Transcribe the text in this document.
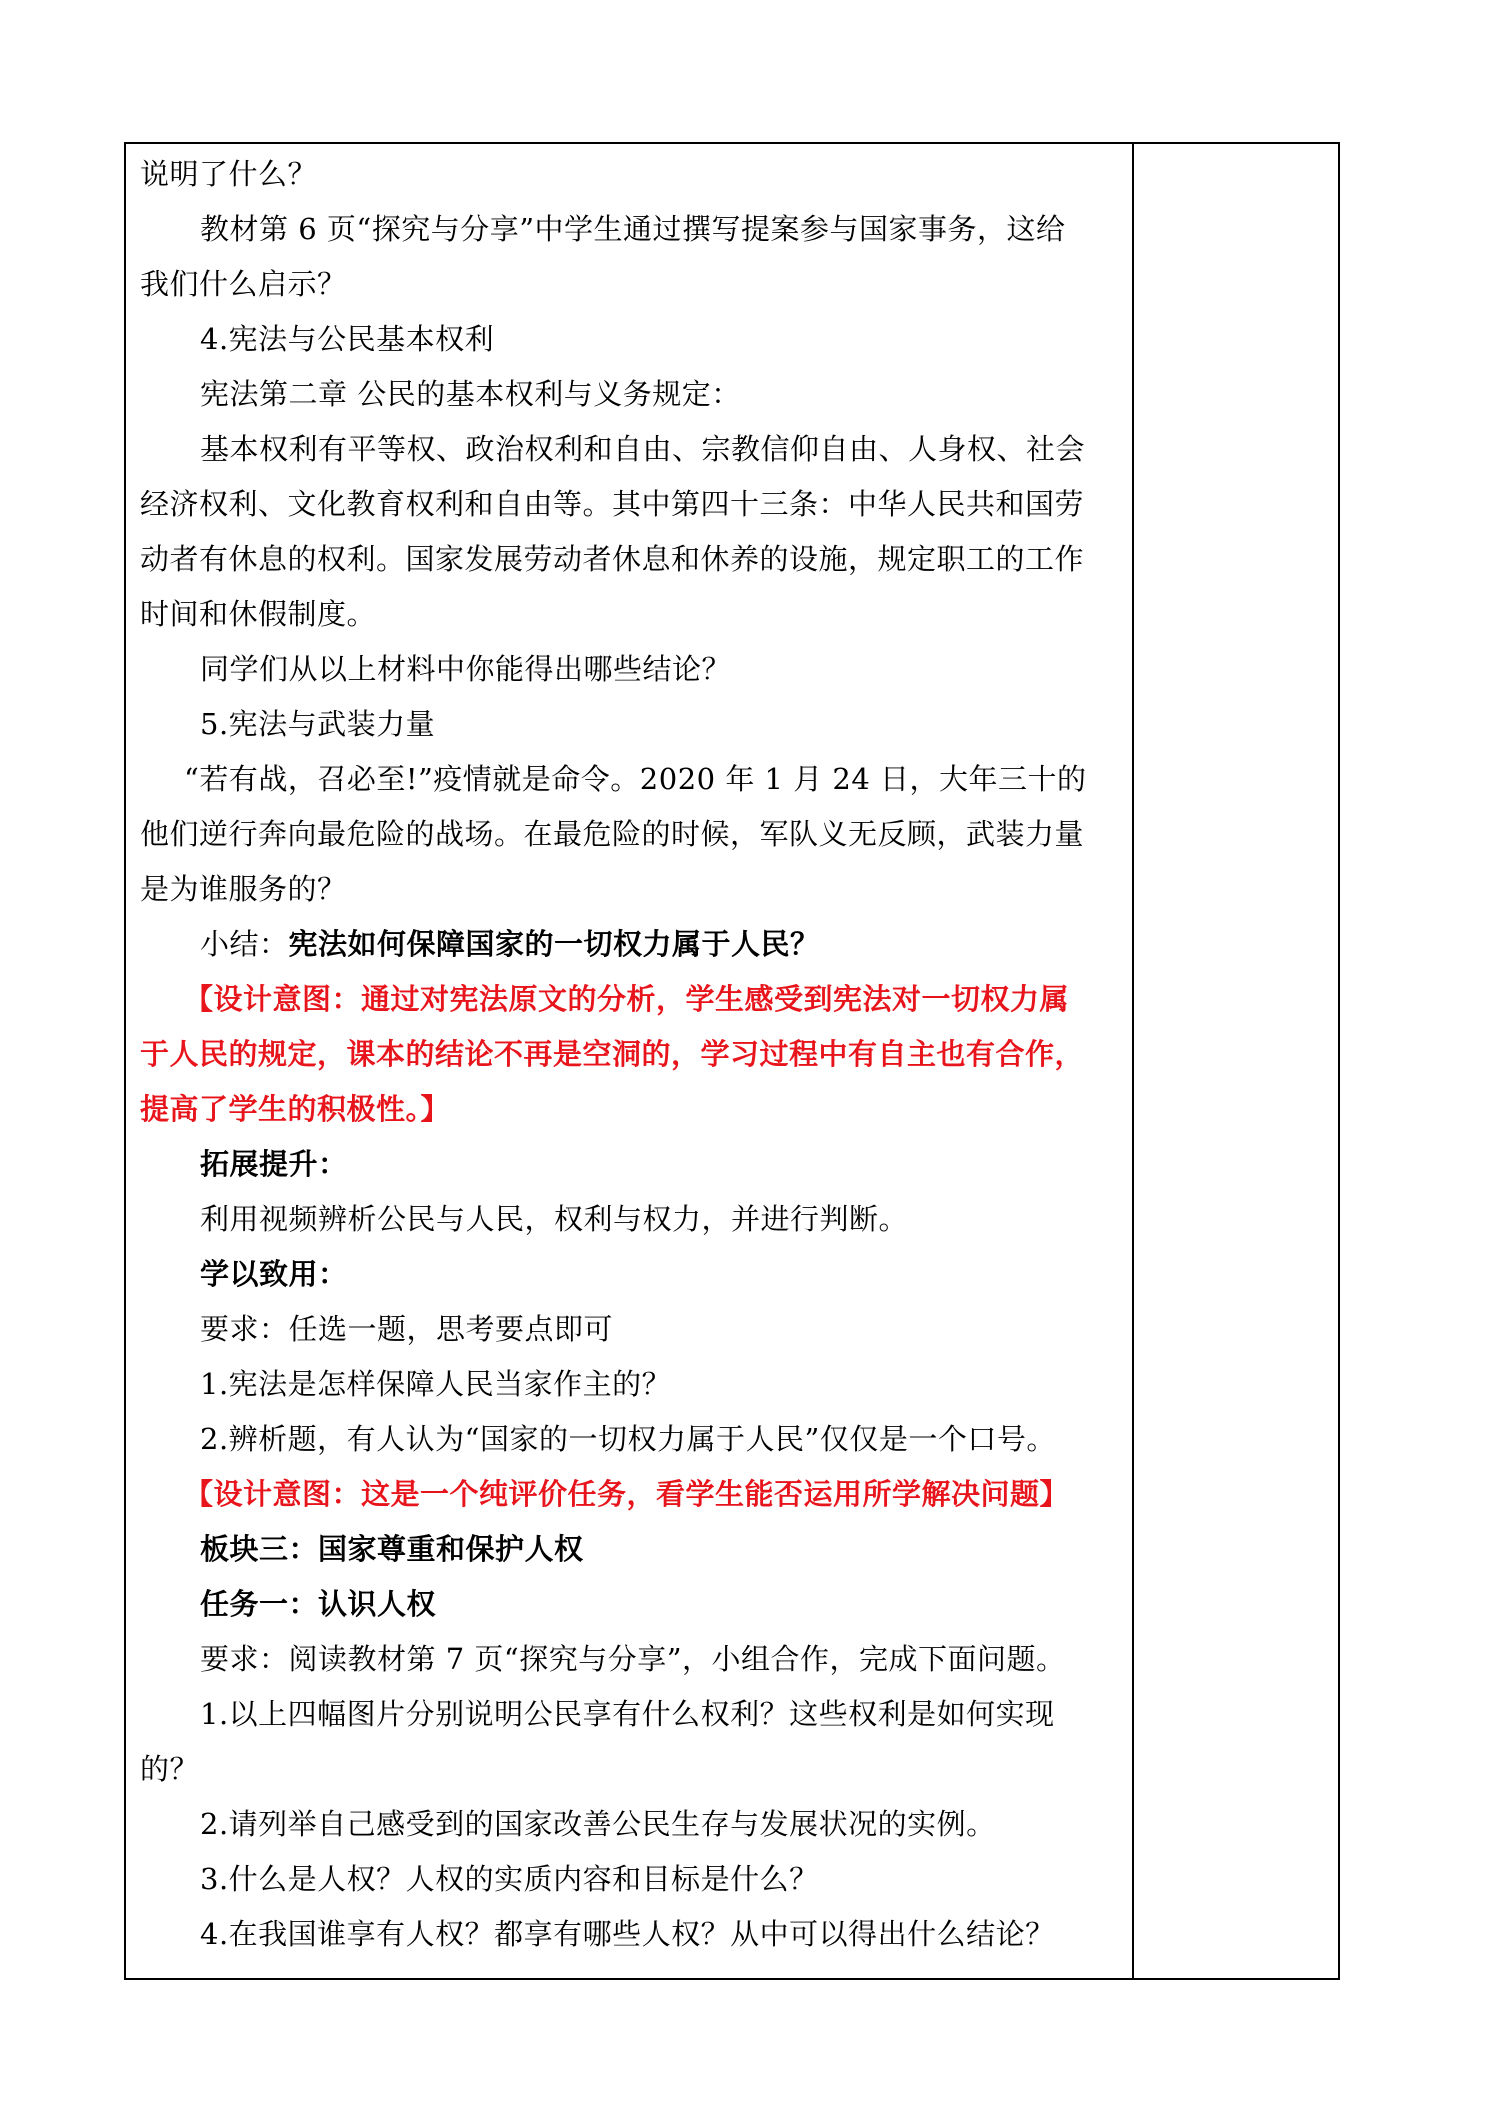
说明了什么？
教材第 6 页“探究与分享”中学生通过撰写提案参与国家事务，这给
我们什么启示？
4.宪法与公民基本权利
宪法第二章 公民的基本权利与义务规定：
基本权利有平等权、政治权利和自由、宗教信仰自由、人身权、社会
经济权利、文化教育权利和自由等。其中第四十三条：中华人民共和国劳
动者有休息的权利。国家发展劳动者休息和休养的设施，规定职工的工作
时间和休假制度。
同学们从以上材料中你能得出哪些结论？
5.宪法与武装力量
“若有战，召必至!”疫情就是命令。2020 年 1 月 24 日，大年三十的
他们逆行奔向最危险的战场。在最危险的时候，军队义无反顾，武装力量
是为谁服务的？
小结：宪法如何保障国家的一切权力属于人民？
【设计意图：通过对宪法原文的分析，学生感受到宪法对一切权力属
于人民的规定，课本的结论不再是空洞的，学习过程中有自主也有合作，
提高了学生的积极性。】
拓展提升：
利用视频辨析公民与人民，权利与权力，并进行判断。
学以致用：
要求：任选一题，思考要点即可
1.宪法是怎样保障人民当家作主的？
2.辨析题，有人认为“国家的一切权力属于人民”仅仅是一个口号。
【设计意图：这是一个纯评价任务，看学生能否运用所学解决问题】
板块三：国家尊重和保护人权
任务一：认识人权
要求：阅读教材第 7 页“探究与分享”，小组合作，完成下面问题。
1.以上四幅图片分别说明公民享有什么权利？这些权利是如何实现
的？
2.请列举自己感受到的国家改善公民生存与发展状况的实例。
3.什么是人权？人权的实质内容和目标是什么？
4.在我国谁享有人权？都享有哪些人权？从中可以得出什么结论？
